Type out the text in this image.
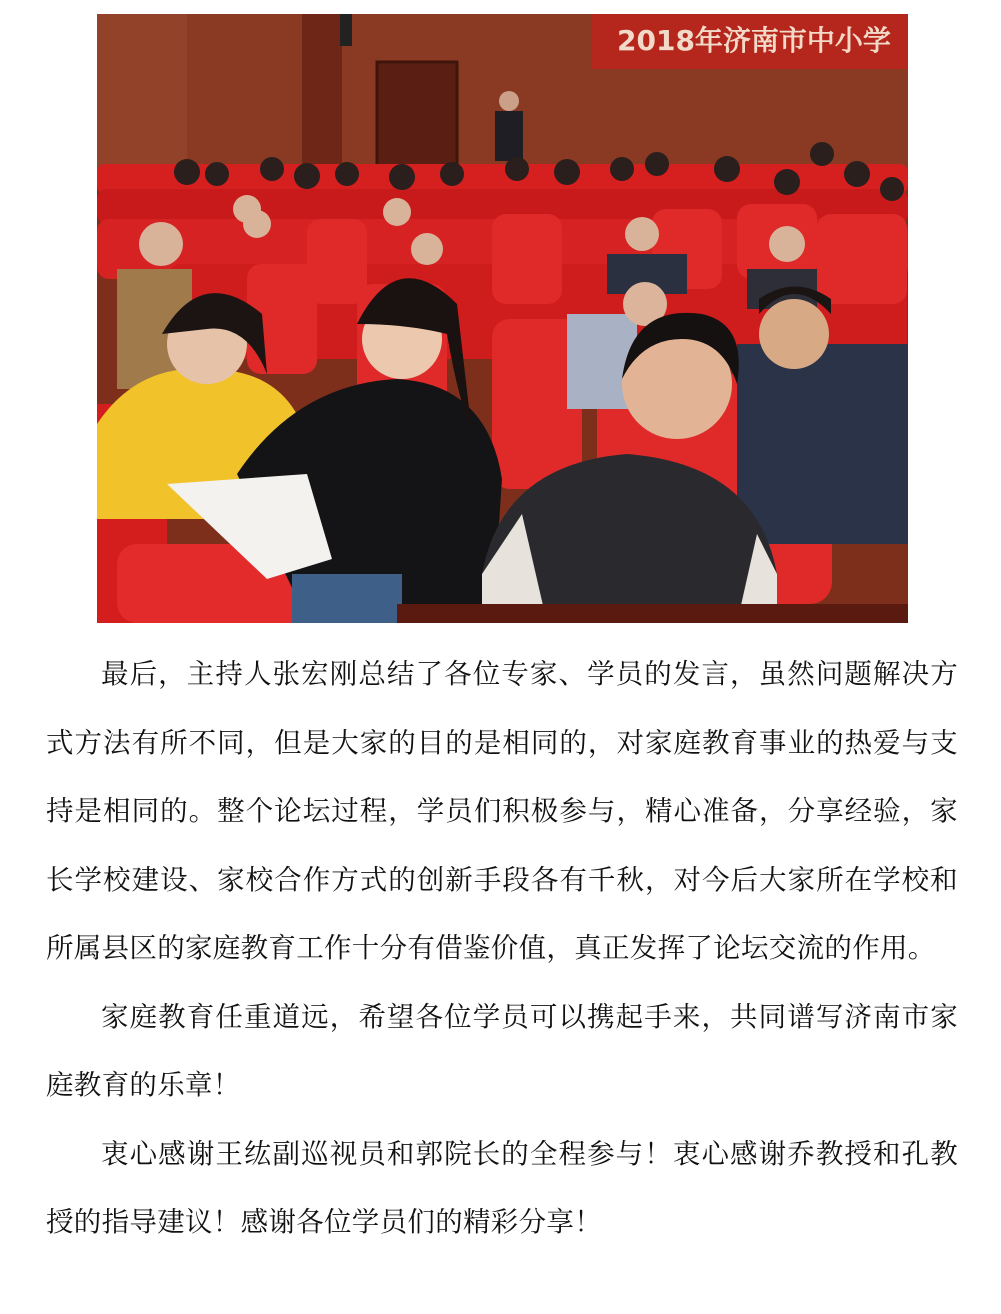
2018年济南市中小学

最后，主持人张宏刚总结了各位专家、学员的发言，虽然问题解决方式方法有所不同，但是大家的目的是相同的，对家庭教育事业的热爱与支持是相同的。整个论坛过程，学员们积极参与，精心准备，分享经验，家长学校建设、家校合作方式的创新手段各有千秋，对今后大家所在学校和所属县区的家庭教育工作十分有借鉴价值，真正发挥了论坛交流的作用。

家庭教育任重道远，希望各位学员可以携起手来，共同谱写济南市家庭教育的乐章！

衷心感谢王纮副巡视员和郭院长的全程参与！衷心感谢乔教授和孔教授的指导建议！感谢各位学员们的精彩分享！
